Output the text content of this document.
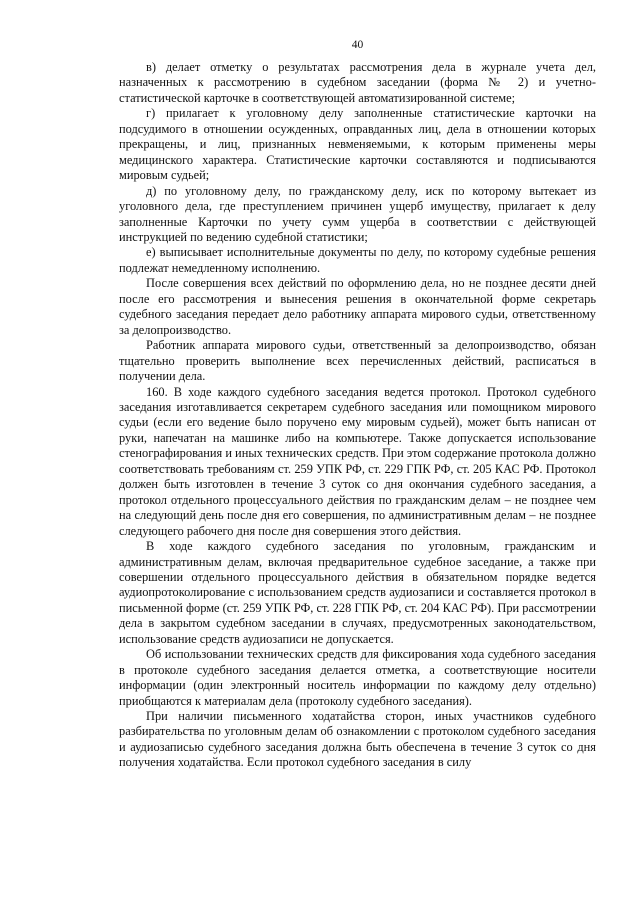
40

в) делает отметку о результатах рассмотрения дела в журнале учета дел, назначенных к рассмотрению в судебном заседании (форма № 2) и учетно-статистической карточке в соответствующей автоматизированной системе;

г) прилагает к уголовному делу заполненные статистические карточки на подсудимого в отношении осужденных, оправданных лиц, дела в отношении которых прекращены, и лиц, признанных невменяемыми, к которым применены меры медицинского характера. Статистические карточки составляются и подписываются мировым судьей;

д) по уголовному делу, по гражданскому делу, иск по которому вытекает из уголовного дела, где преступлением причинен ущерб имуществу, прилагает к делу заполненные Карточки по учету сумм ущерба в соответствии с действующей инструкцией по ведению судебной статистики;

е) выписывает исполнительные документы по делу, по которому судебные решения подлежат немедленному исполнению.

После совершения всех действий по оформлению дела, но не позднее десяти дней после его рассмотрения и вынесения решения в окончательной форме секретарь судебного заседания передает дело работнику аппарата мирового судьи, ответственному за делопроизводство.

Работник аппарата мирового судьи, ответственный за делопроизводство, обязан тщательно проверить выполнение всех перечисленных действий, расписаться в получении дела.

160. В ходе каждого судебного заседания ведется протокол. Протокол судебного заседания изготавливается секретарем судебного заседания или помощником мирового судьи (если его ведение было поручено ему мировым судьей), может быть написан от руки, напечатан на машинке либо на компьютере. Также допускается использование стенографирования и иных технических средств. При этом содержание протокола должно соответствовать требованиям ст. 259 УПК РФ, ст. 229 ГПК РФ, ст. 205 КАС РФ. Протокол должен быть изготовлен в течение 3 суток со дня окончания судебного заседания, а протокол отдельного процессуального действия по гражданским делам – не позднее чем на следующий день после дня его совершения, по административным делам – не позднее следующего рабочего дня после дня совершения этого действия.

В ходе каждого судебного заседания по уголовным, гражданским и административным делам, включая предварительное судебное заседание, а также при совершении отдельного процессуального действия в обязательном порядке ведется аудиопротоколирование с использованием средств аудиозаписи и составляется протокол в письменной форме (ст. 259 УПК РФ, ст. 228 ГПК РФ, ст. 204 КАС РФ). При рассмотрении дела в закрытом судебном заседании в случаях, предусмотренных законодательством, использование средств аудиозаписи не допускается.

Об использовании технических средств для фиксирования хода судебного заседания в протоколе судебного заседания делается отметка, а соответствующие носители информации (один электронный носитель информации по каждому делу отдельно) приобщаются к материалам дела (протоколу судебного заседания).

При наличии письменного ходатайства сторон, иных участников судебного разбирательства по уголовным делам об ознакомлении с протоколом судебного заседания и аудиозаписью судебного заседания должна быть обеспечена в течение 3 суток со дня получения ходатайства. Если протокол судебного заседания в силу
